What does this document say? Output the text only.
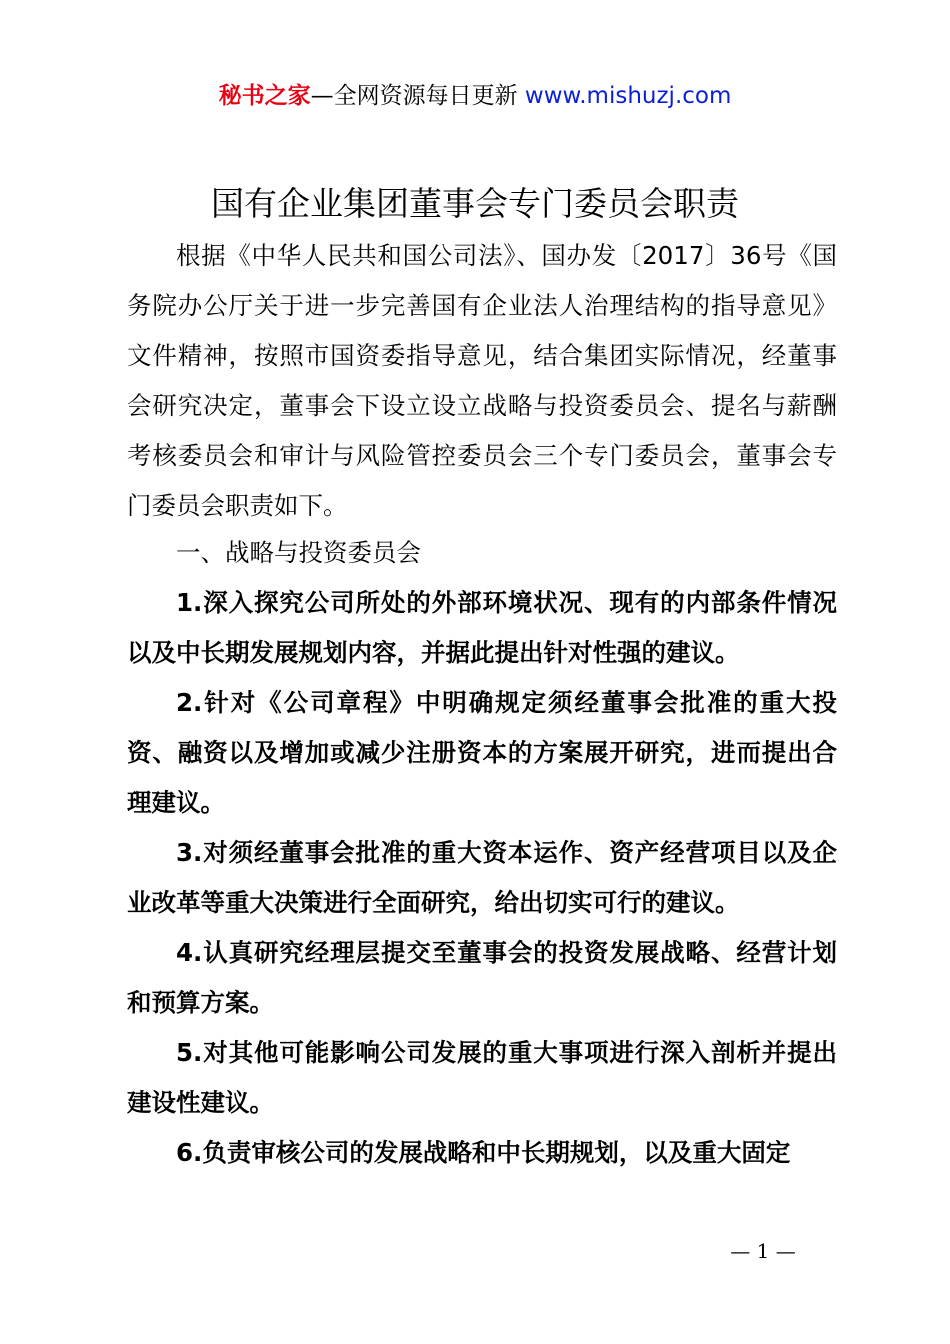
秘书之家—全网资源每日更新 www.mishuzj.com
国有企业集团董事会专门委员会职责

根据《中华人民共和国公司法》、国办发〔2017〕36号《国务院办公厅关于进一步完善国有企业法人治理结构的指导意见》文件精神，按照市国资委指导意见，结合集团实际情况，经董事会研究决定，董事会下设立设立战略与投资委员会、提名与薪酬考核委员会和审计与风险管控委员会三个专门委员会，董事会专门委员会职责如下。

一、战略与投资委员会

1.深入探究公司所处的外部环境状况、现有的内部条件情况以及中长期发展规划内容，并据此提出针对性强的建议。

2.针对《公司章程》中明确规定须经董事会批准的重大投资、融资以及增加或减少注册资本的方案展开研究，进而提出合理建议。

3.对须经董事会批准的重大资本运作、资产经营项目以及企业改革等重大决策进行全面研究，给出切实可行的建议。

4.认真研究经理层提交至董事会的投资发展战略、经营计划和预算方案。

5.对其他可能影响公司发展的重大事项进行深入剖析并提出建设性建议。

6.负责审核公司的发展战略和中长期规划，以及重大固定

— 1 —
